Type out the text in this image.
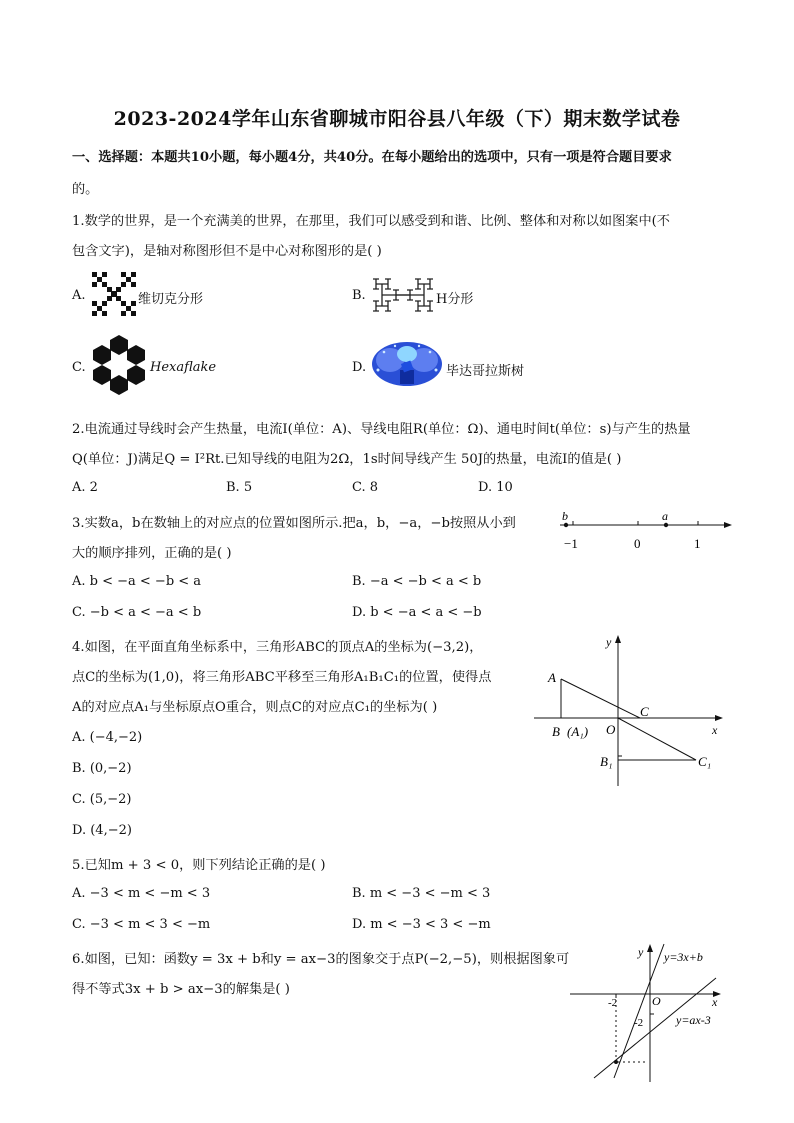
2023-2024学年山东省聊城市阳谷县八年级（下）期末数学试卷
一、选择题：本题共10小题，每小题4分，共40分。在每小题给出的选项中，只有一项是符合题目要求
的。
1.数学的世界，是一个充满美的世界，在那里，我们可以感受到和谐、比例、整体和对称以如图案中(不
包含文字)，是轴对称图形但不是中心对称图形的是( )
A.	维切克分形	B.	H分形
C.	Hexaflake	D.	毕达哥拉斯树
2.电流通过导线时会产生热量，电流I(单位：A)、导线电阻R(单位：Ω)、通电时间t(单位：s)与产生的热量
Q(单位：J)满足Q = I²Rt.已知导线的电阻为2Ω，1s时间导线产生 50J的热量，电流I的值是( )
A. 2	B. 5	C. 8	D. 10
3.实数a，b在数轴上的对应点的位置如图所示.把a，b，−a，−b按照从小到
大的顺序排列，正确的是( )
b	a
−1	0	1
A. b < −a < −b < a	B. −a < −b < a < b
C. −b < a < −a < b	D. b < −a < a < −b
4.如图，在平面直角坐标系中，三角形ABC的顶点A的坐标为(−3,2)，
点C的坐标为(1,0)，将三角形ABC平移至三角形A₁B₁C₁的位置，使得点
A的对应点A₁与坐标原点O重合，则点C的对应点C₁的坐标为( )
A. (−4,−2)
B. (0,−2)
C. (5,−2)
D. (4,−2)
y
x
A
C
B (A₁) O
B₁	C₁
5.已知m + 3 < 0，则下列结论正确的是( )
A. −3 < m < −m < 3	B. m < −3 < −m < 3
C. −3 < m < 3 < −m	D. m < −3 < 3 < −m
6.如图，已知：函数y = 3x + b和y = ax−3的图象交于点P(−2,−5)，则根据图象可
得不等式3x + b > ax−3的解集是( )
y
x
O
-2
-2
y=3x+b
y=ax-3
